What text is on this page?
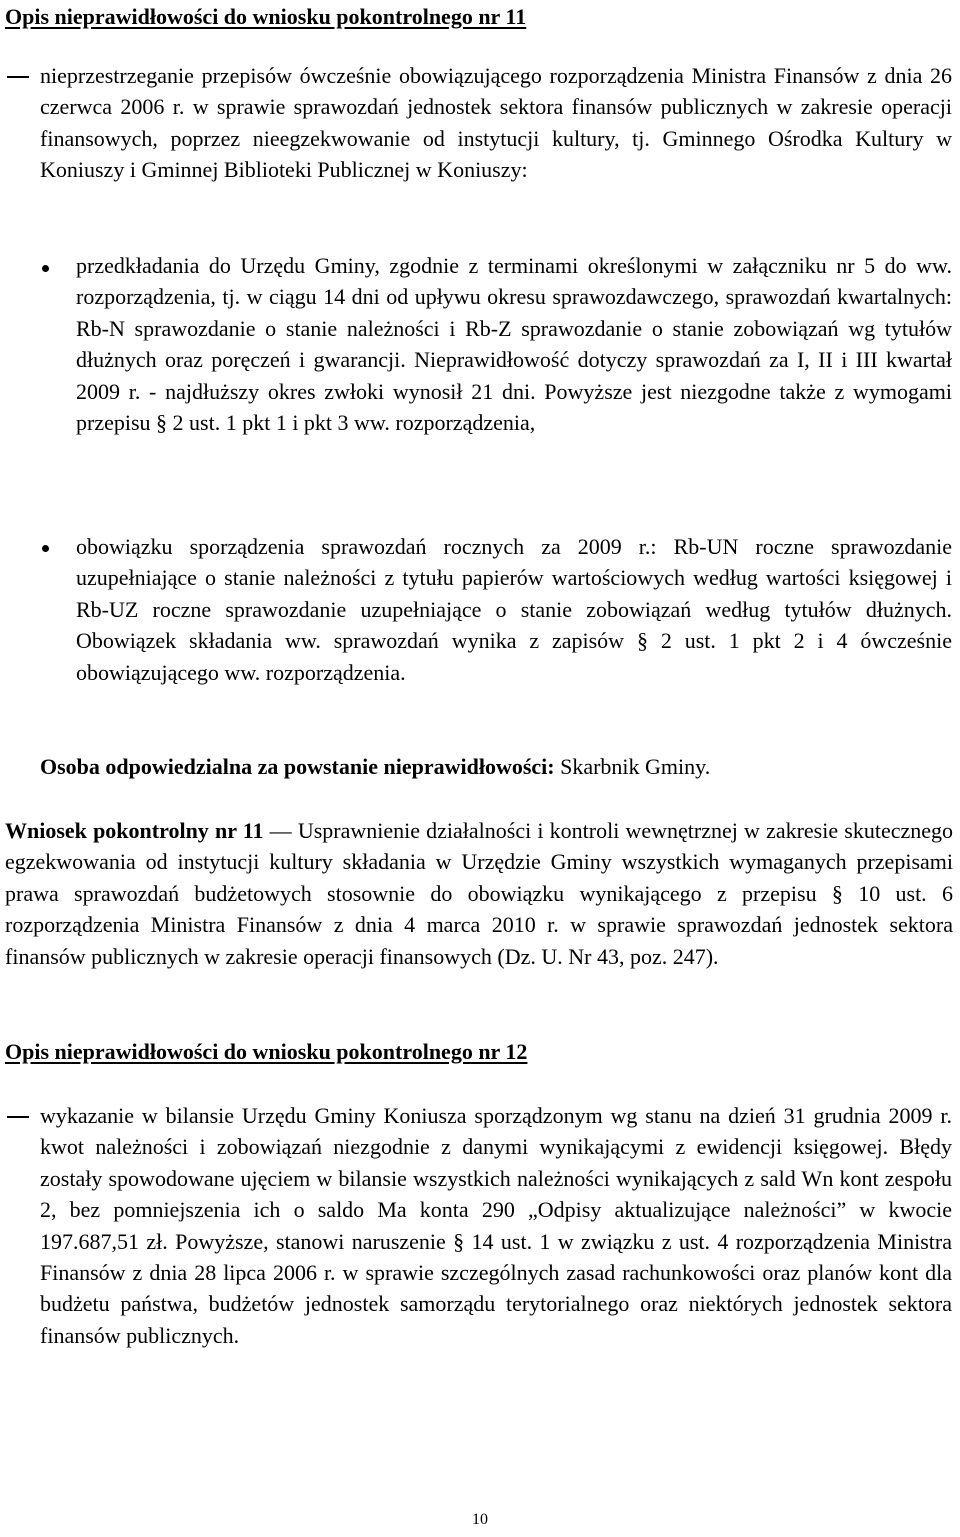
Opis nieprawidłowości do wniosku pokontrolnego nr 11
nieprzestrzeganie przepisów ówcześnie obowiązującego rozporządzenia Ministra Finansów z dnia 26 czerwca 2006 r. w sprawie sprawozdań jednostek sektora finansów publicznych w zakresie operacji finansowych, poprzez nieegzekwowanie od instytucji kultury, tj. Gminnego Ośrodka Kultury w Koniuszy i Gminnej Biblioteki Publicznej w Koniuszy:
przedkładania do Urzędu Gminy, zgodnie z terminami określonymi w załączniku nr 5 do ww. rozporządzenia, tj. w ciągu 14 dni od upływu okresu sprawozdawczego, sprawozdań kwartalnych: Rb-N sprawozdanie o stanie należności i Rb-Z sprawozdanie o stanie zobowiązań wg tytułów dłużnych oraz poręczeń i gwarancji. Nieprawidłowość dotyczy sprawozdań za I, II i III kwartał 2009 r. - najdłuższy okres zwłoki wynosił 21 dni. Powyższe jest niezgodne także z wymogami przepisu § 2 ust. 1 pkt 1 i pkt 3 ww. rozporządzenia,
obowiązku sporządzenia sprawozdań rocznych za 2009 r.: Rb-UN roczne sprawozdanie uzupełniające o stanie należności z tytułu papierów wartościowych według wartości księgowej i Rb-UZ roczne sprawozdanie uzupełniające o stanie zobowiązań według tytułów dłużnych. Obowiązek składania ww. sprawozdań wynika z zapisów § 2 ust. 1 pkt 2 i 4 ówcześnie obowiązującego ww. rozporządzenia.
Osoba odpowiedzialna za powstanie nieprawidłowości: Skarbnik Gminy.
Wniosek pokontrolny nr 11 — Usprawnienie działalności i kontroli wewnętrznej w zakresie skutecznego egzekwowania od instytucji kultury składania w Urzędzie Gminy wszystkich wymaganych przepisami prawa sprawozdań budżetowych stosownie do obowiązku wynikającego z przepisu § 10 ust. 6 rozporządzenia Ministra Finansów z dnia 4 marca 2010 r. w sprawie sprawozdań jednostek sektora finansów publicznych w zakresie operacji finansowych (Dz. U. Nr 43, poz. 247).
Opis nieprawidłowości do wniosku pokontrolnego nr 12
wykazanie w bilansie Urzędu Gminy Koniusza sporządzonym wg stanu na dzień 31 grudnia 2009 r. kwot należności i zobowiązań niezgodnie z danymi wynikającymi z ewidencji księgowej. Błędy zostały spowodowane ujęciem w bilansie wszystkich należności wynikających z sald Wn kont zespołu 2, bez pomniejszenia ich o saldo Ma konta 290 „Odpisy aktualizujące należności” w kwocie 197.687,51 zł. Powyższe, stanowi naruszenie § 14 ust. 1 w związku z ust. 4 rozporządzenia Ministra Finansów z dnia 28 lipca 2006 r. w sprawie szczególnych zasad rachunkowości oraz planów kont dla budżetu państwa, budżetów jednostek samorządu terytorialnego oraz niektórych jednostek sektora finansów publicznych.
10
